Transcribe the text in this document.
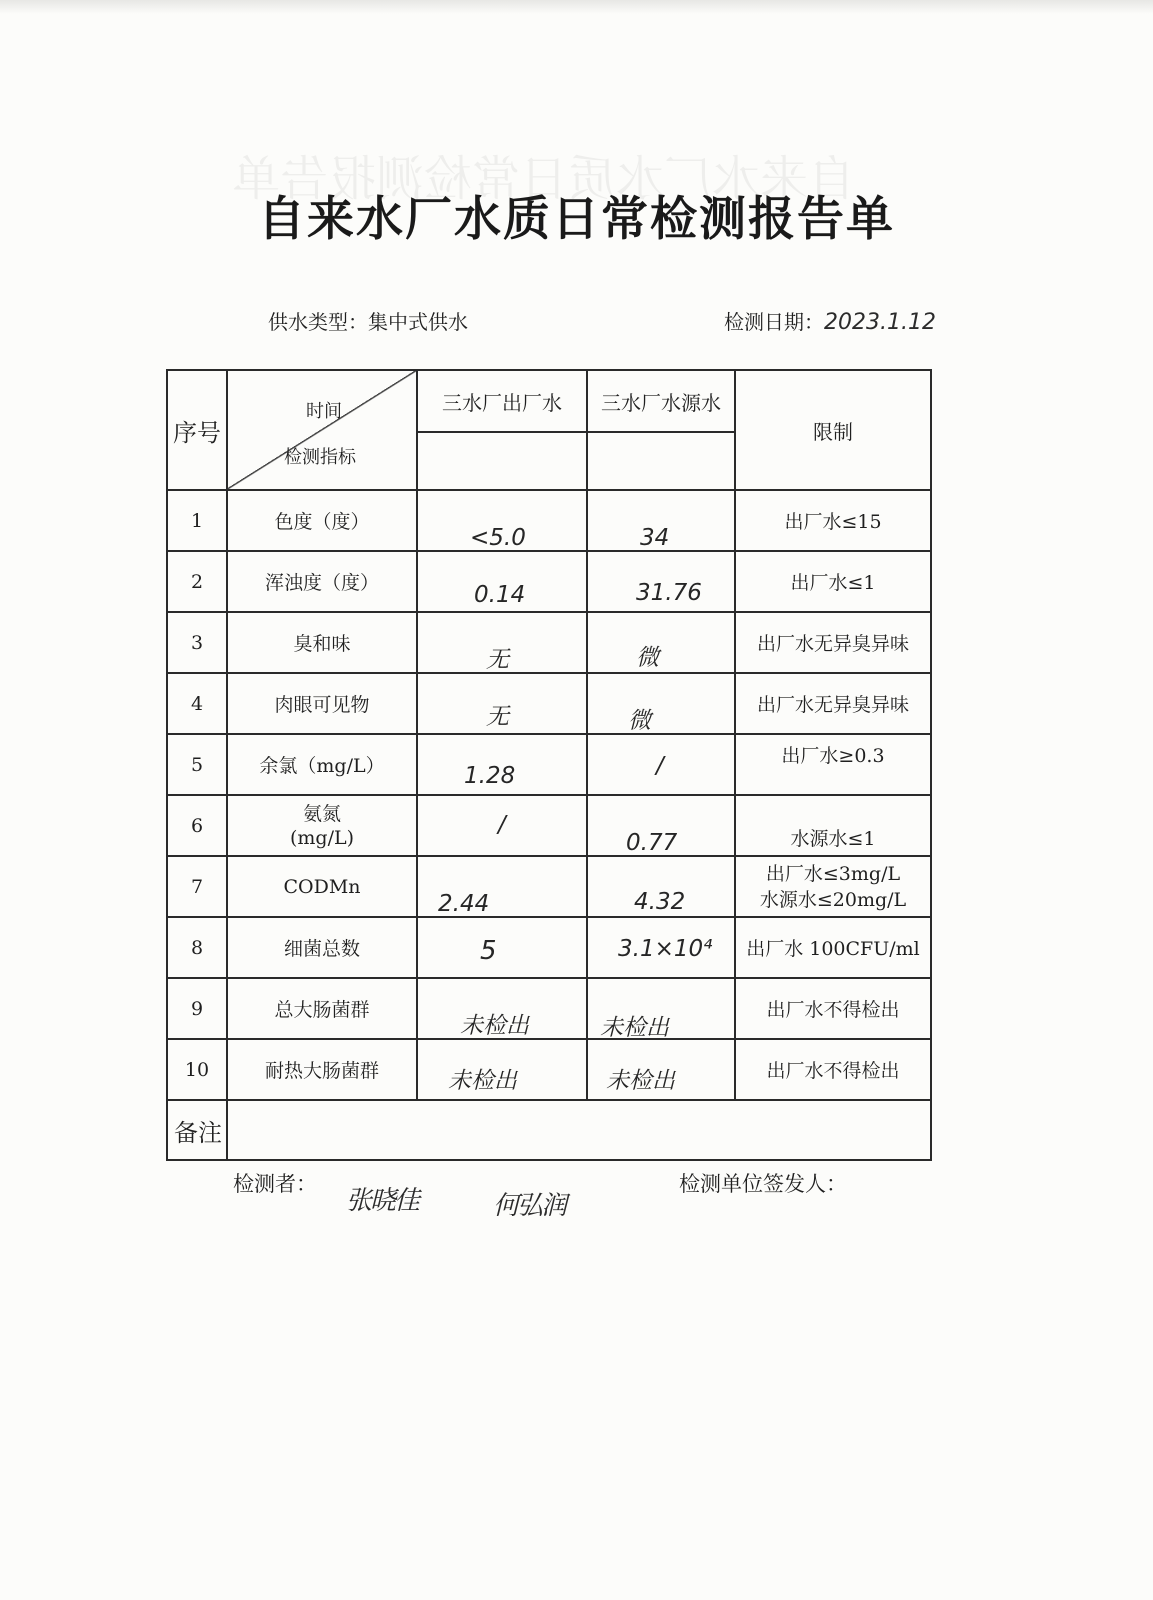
自来水厂水质日常检测报告单
自来水厂水质日常检测报告单
供水类型：集中式供水	检测日期：2023.1.12
序号	时间
检测指标	三水厂出厂水	三水厂水源水	限制

1	色度（度）	<5.0	34	出厂水≤15
2	浑浊度（度）	0.14	31.76	出厂水≤1
3	臭和味	无	微	出厂水无异臭异味
4	肉眼可见物	无	微	出厂水无异臭异味
5	余氯（mg/L）	1.28	/	出厂水≥0.3
6	氨氮
(mg/L)	/	0.77	水源水≤1
7	CODMn	2.44	4.32	出厂水≤3mg/L
水源水≤20mg/L

8	细菌总数	5	3.1×10⁴	出厂水 100CFU/ml
9	总大肠菌群	未检出	未检出	出厂水不得检出
10	耐热大肠菌群	未检出	未检出	出厂水不得检出
备注				
检测者：	检测单位签发人：
张晓佳	何弘润
